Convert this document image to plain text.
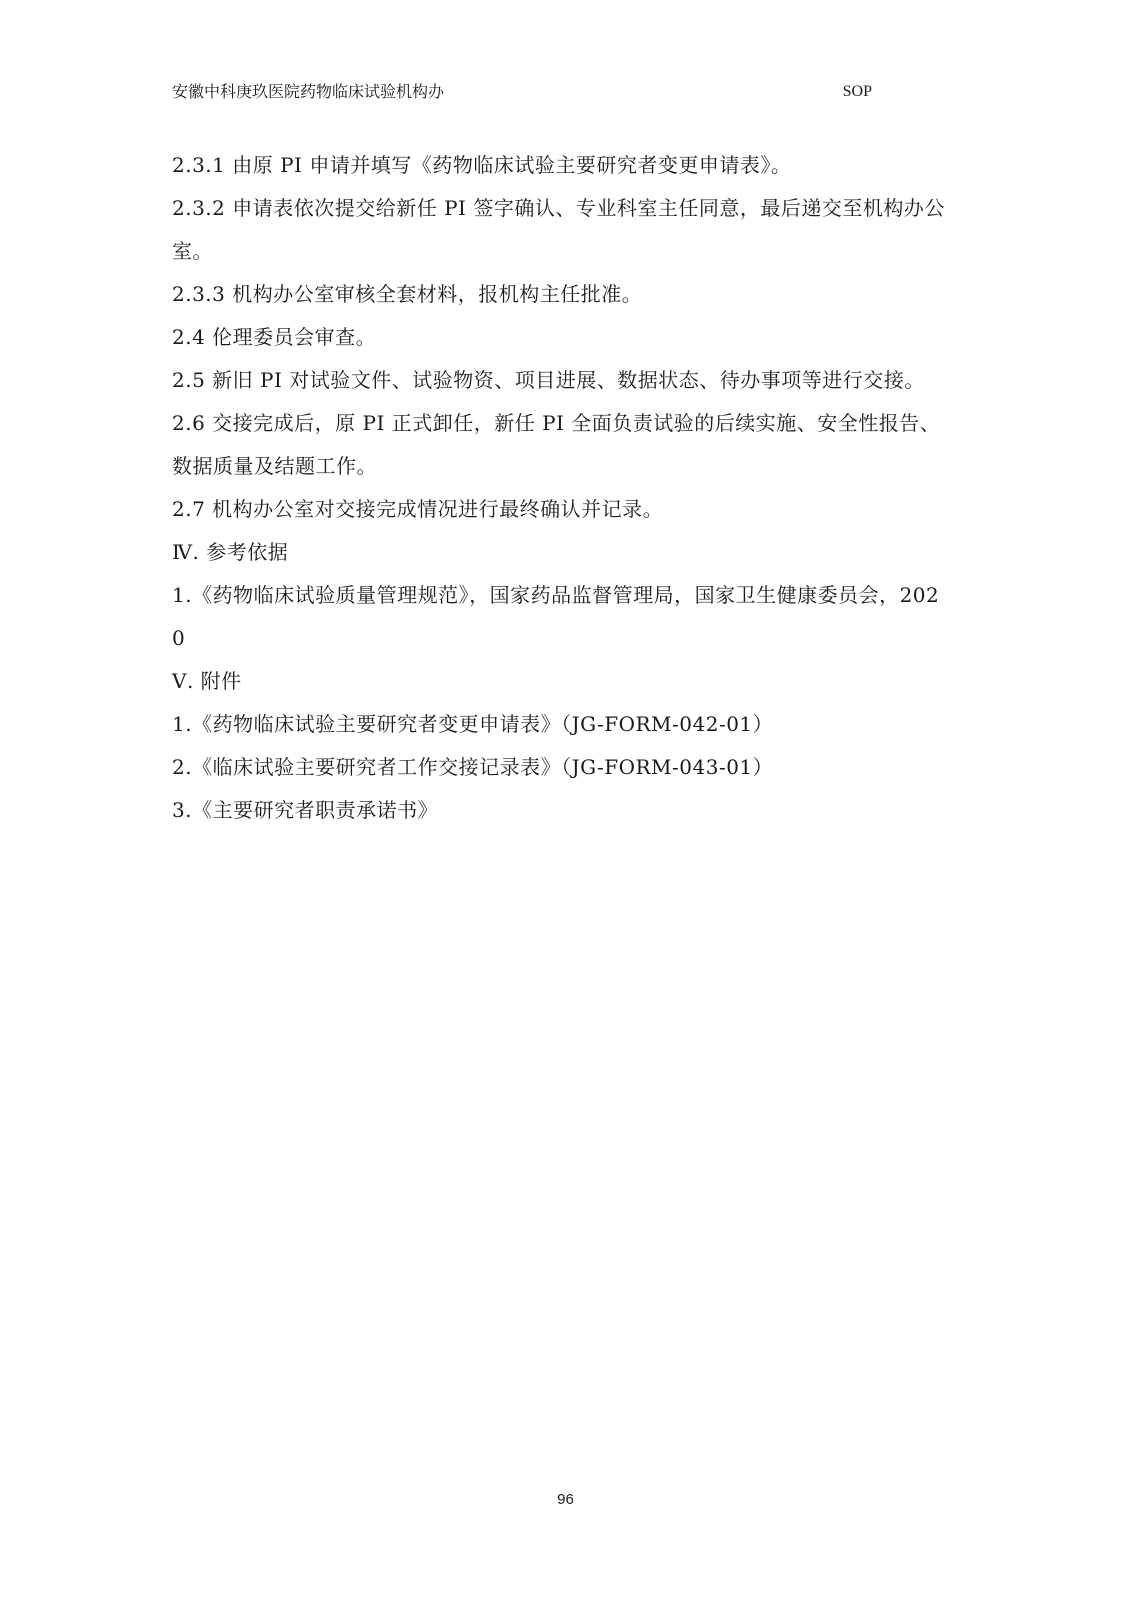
安徽中科庚玖医院药物临床试验机构办	SOP

2.3.1 由原 PI 申请并填写《药物临床试验主要研究者变更申请表》。

2.3.2 申请表依次提交给新任 PI 签字确认、专业科室主任同意，最后递交至机构办公室。

2.3.3 机构办公室审核全套材料，报机构主任批准。

2.4 伦理委员会审查。

2.5 新旧 PI 对试验文件、试验物资、项目进展、数据状态、待办事项等进行交接。

2.6 交接完成后，原 PI 正式卸任，新任 PI 全面负责试验的后续实施、安全性报告、数据质量及结题工作。

2.7 机构办公室对交接完成情况进行最终确认并记录。

Ⅳ. 参考依据

1.《药物临床试验质量管理规范》，国家药品监督管理局，国家卫生健康委员会，2020

Ⅴ. 附件

1.《药物临床试验主要研究者变更申请表》（JG-FORM-042-01）

2.《临床试验主要研究者工作交接记录表》（JG-FORM-043-01）

3.《主要研究者职责承诺书》

96
